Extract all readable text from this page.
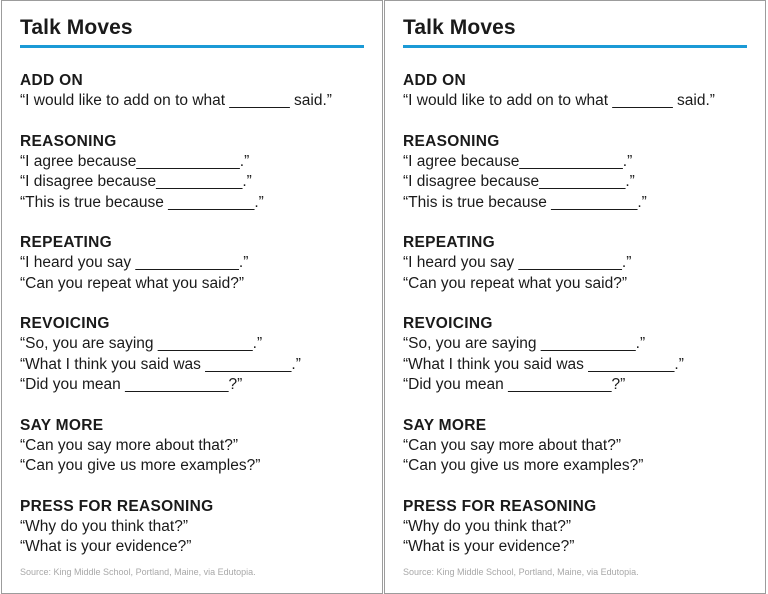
Talk Moves
ADD ON
“I would like to add on to what _______ said.”
REASONING
“I agree because____________.”
“I disagree because__________.”
“This is true because __________.”
REPEATING
“I heard you say ____________.”
“Can you repeat what you said?”
REVOICING
“So, you are saying ___________.”
“What I think you said was __________.”
“Did you mean ____________?”
SAY MORE
“Can you say more about that?”
“Can you give us more examples?”
PRESS FOR REASONING
“Why do you think that?”
“What is your evidence?”
Source: King Middle School, Portland, Maine, via Edutopia.
Talk Moves
ADD ON
“I would like to add on to what _______ said.”
REASONING
“I agree because____________.”
“I disagree because__________.”
“This is true because __________.”
REPEATING
“I heard you say ____________.”
“Can you repeat what you said?”
REVOICING
“So, you are saying ___________.”
“What I think you said was __________.”
“Did you mean ____________?”
SAY MORE
“Can you say more about that?”
“Can you give us more examples?”
PRESS FOR REASONING
“Why do you think that?”
“What is your evidence?”
Source: King Middle School, Portland, Maine, via Edutopia.
